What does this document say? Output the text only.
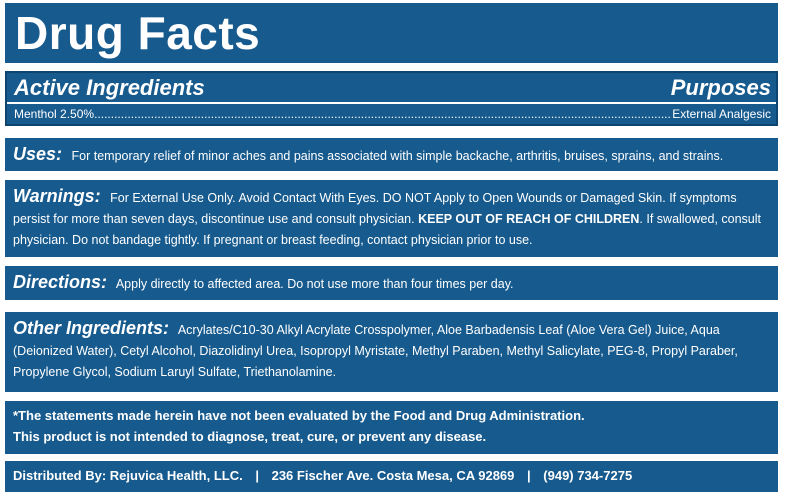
Drug Facts
Active Ingredients	Purposes
Menthol 2.50%
.....	External Analgesic
Uses: For temporary relief of minor aches and pains associated with simple backache, arthritis, bruises, sprains, and strains.
Warnings: For External Use Only. Avoid Contact With Eyes. DO NOT Apply to Open Wounds or Damaged Skin. If symptoms persist for more than seven days, discontinue use and consult physician. KEEP OUT OF REACH OF CHILDREN. If swallowed, consult physician. Do not bandage tightly. If pregnant or breast feeding, contact physician prior to use.
Directions: Apply directly to affected area. Do not use more than four times per day.
Other Ingredients: Acrylates/C10-30 Alkyl Acrylate Crosspolymer, Aloe Barbadensis Leaf (Aloe Vera Gel) Juice, Aqua (Deionized Water), Cetyl Alcohol, Diazolidinyl Urea, Isopropyl Myristate, Methyl Paraben, Methyl Salicylate, PEG-8, Propyl Paraber, Propylene Glycol, Sodium Laruyl Sulfate, Triethanolamine.
*The statements made herein have not been evaluated by the Food and Drug Administration.
This product is not intended to diagnose, treat, cure, or prevent any disease.
Distributed By: Rejuvica Health, LLC. | 236 Fischer Ave. Costa Mesa, CA 92869 | (949) 734-7275
